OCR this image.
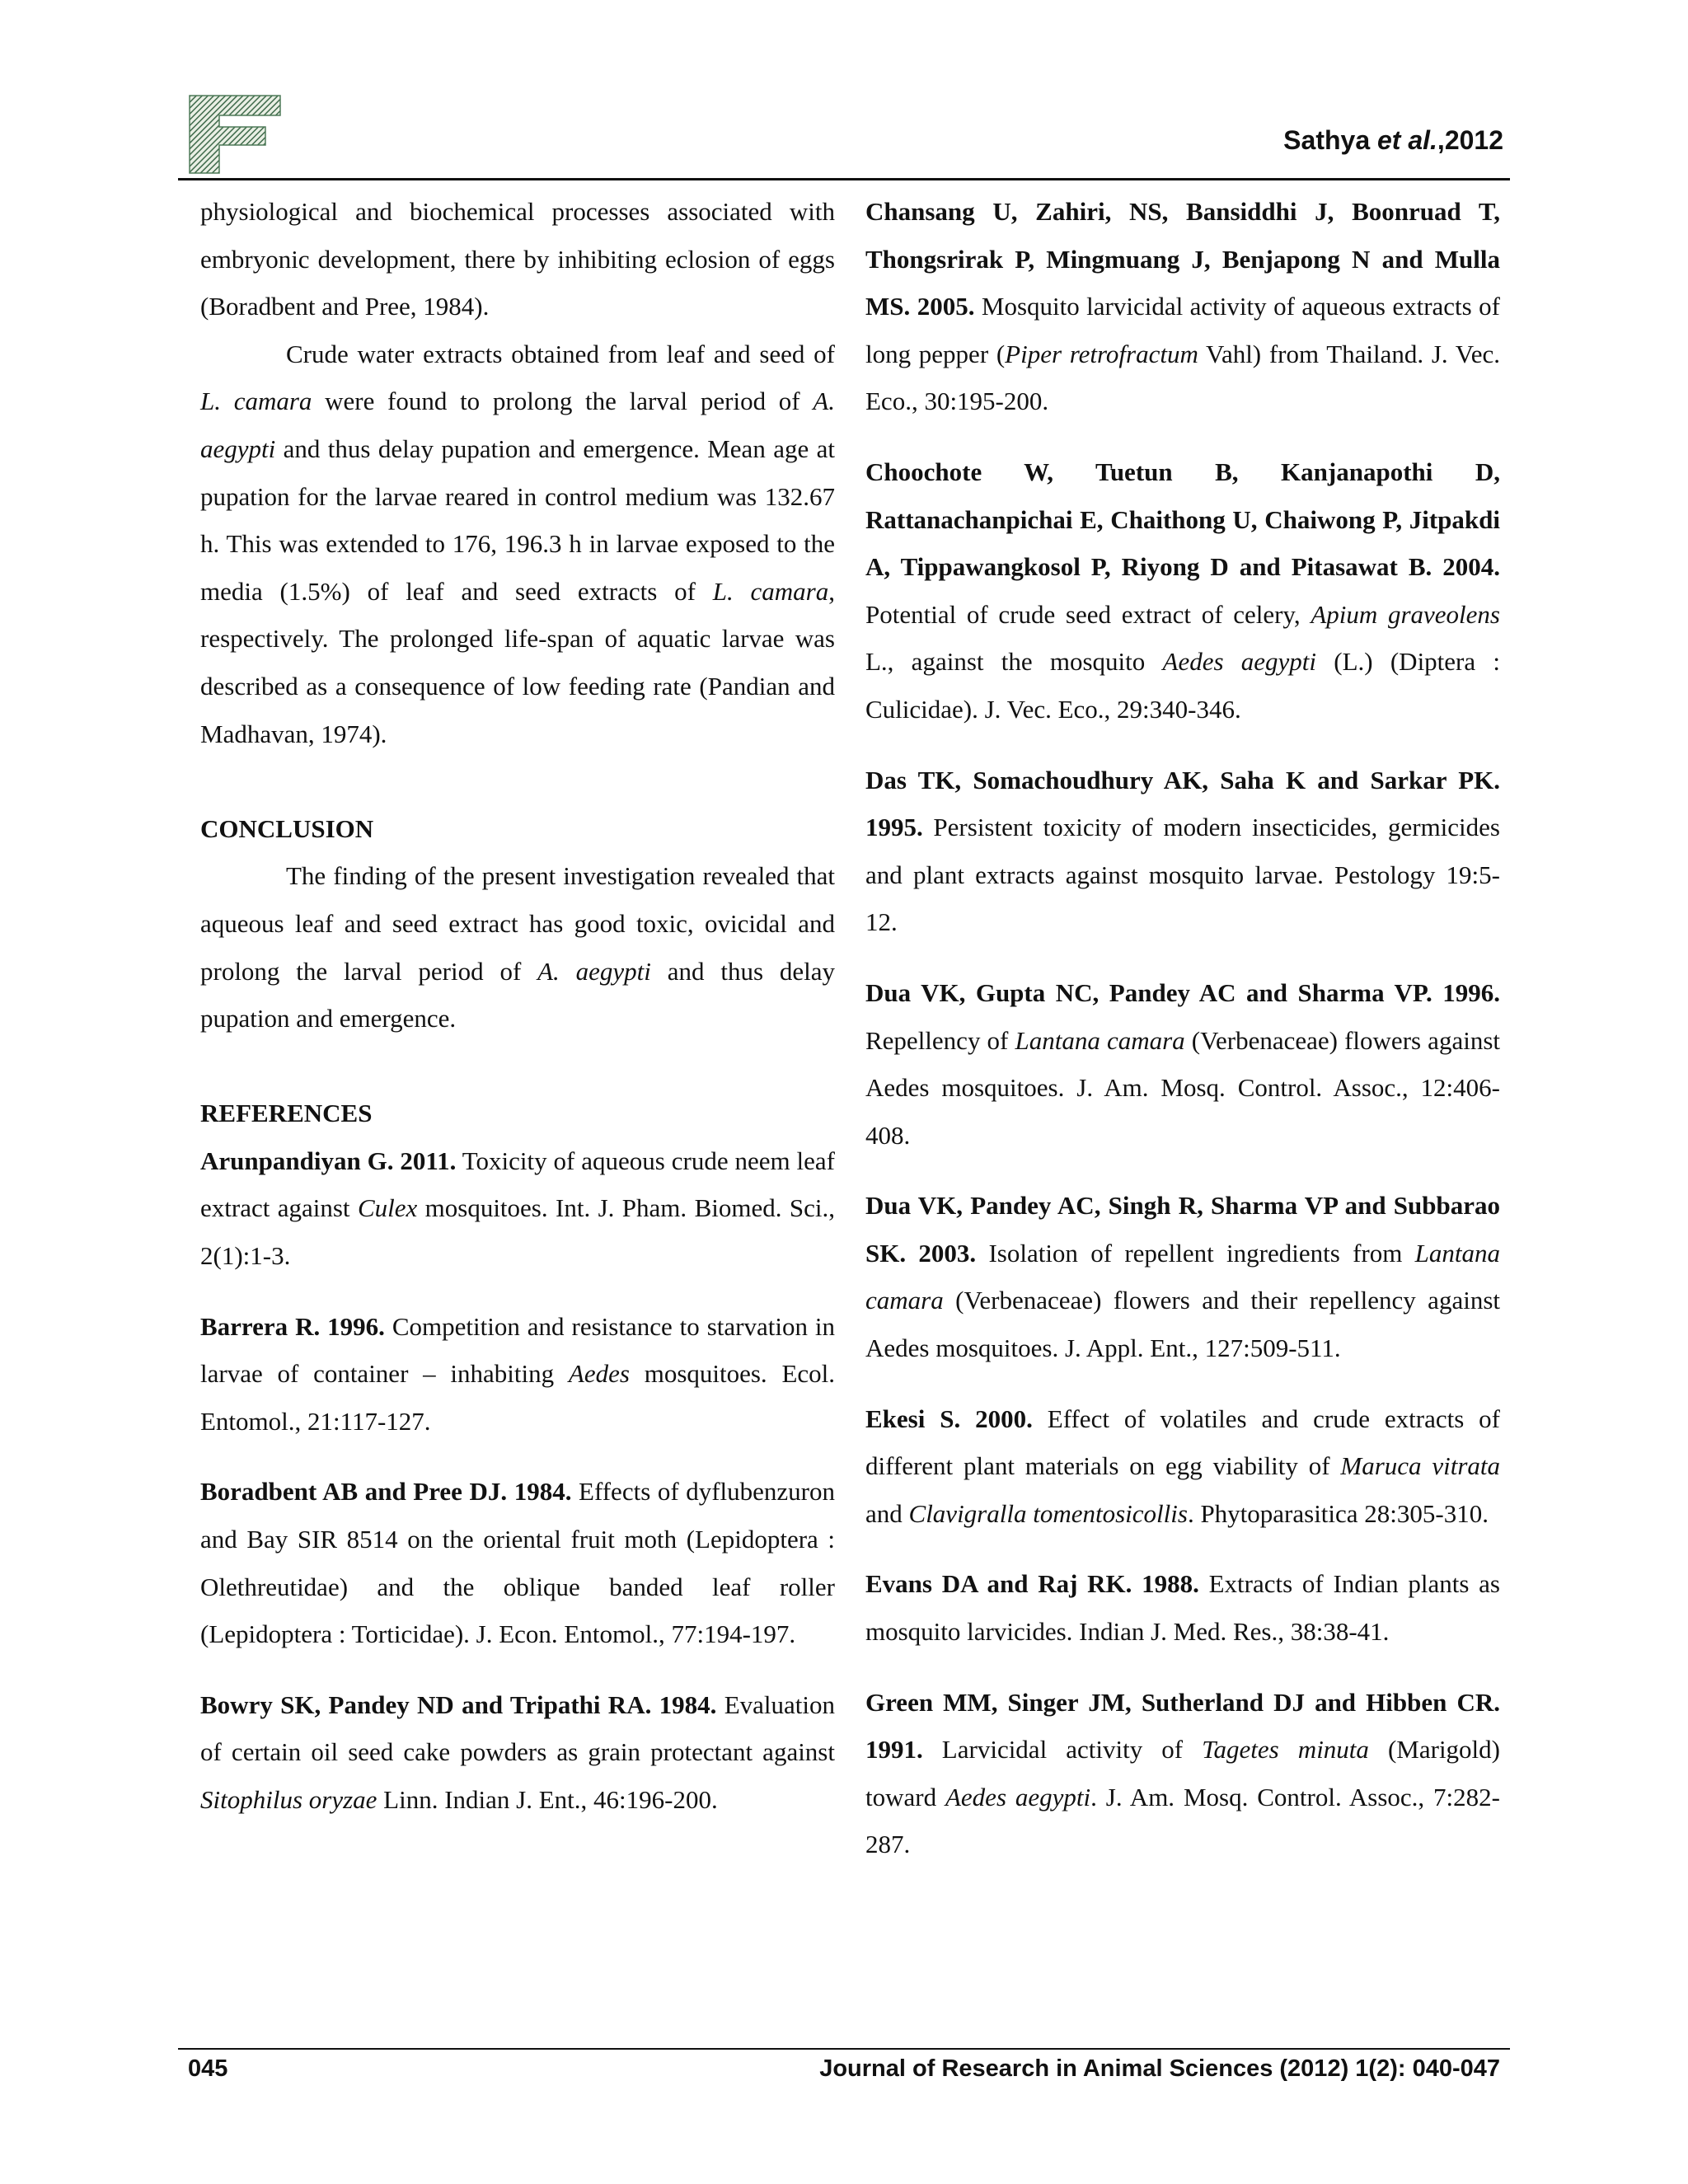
Sathya et al.,2012

physiological and biochemical processes associated with embryonic development, there by inhibiting eclosion of eggs (Boradbent and Pree, 1984).

Crude water extracts obtained from leaf and seed of L. camara were found to prolong the larval period of A. aegypti and thus delay pupation and emergence. Mean age at pupation for the larvae reared in control medium was 132.67 h. This was extended to 176, 196.3 h in larvae exposed to the media (1.5%) of leaf and seed extracts of L. camara, respectively. The prolonged life-span of aquatic larvae was described as a consequence of low feeding rate (Pandian and Madhavan, 1974).

CONCLUSION

The finding of the present investigation revealed that aqueous leaf and seed extract has good toxic, ovicidal and prolong the larval period of A. aegypti and thus delay pupation and emergence.

REFERENCES

Arunpandiyan G. 2011. Toxicity of aqueous crude neem leaf extract against Culex mosquitoes. Int. J. Pham. Biomed. Sci., 2(1):1-3.

Barrera R. 1996. Competition and resistance to starvation in larvae of container – inhabiting Aedes mosquitoes. Ecol. Entomol., 21:117-127.

Boradbent AB and Pree DJ. 1984. Effects of dyflubenzuron and Bay SIR 8514 on the oriental fruit moth (Lepidoptera : Olethreutidae) and the oblique banded leaf roller (Lepidoptera : Torticidae). J. Econ. Entomol., 77:194-197.

Bowry SK, Pandey ND and Tripathi RA. 1984. Evaluation of certain oil seed cake powders as grain protectant against Sitophilus oryzae Linn. Indian J. Ent., 46:196-200.

Chansang U, Zahiri, NS, Bansiddhi J, Boonruad T, Thongsrirak P, Mingmuang J, Benjapong N and Mulla MS. 2005. Mosquito larvicidal activity of aqueous extracts of long pepper (Piper retrofractum Vahl) from Thailand. J. Vec. Eco., 30:195-200.

Choochote W, Tuetun B, Kanjanapothi D, Rattanachanpichai E, Chaithong U, Chaiwong P, Jitpakdi A, Tippawangkosol P, Riyong D and Pitasawat B. 2004. Potential of crude seed extract of celery, Apium graveolens L., against the mosquito Aedes aegypti (L.) (Diptera : Culicidae). J. Vec. Eco., 29:340-346.

Das TK, Somachoudhury AK, Saha K and Sarkar PK. 1995. Persistent toxicity of modern insecticides, germicides and plant extracts against mosquito larvae. Pestology 19:5-12.

Dua VK, Gupta NC, Pandey AC and Sharma VP. 1996. Repellency of Lantana camara (Verbenaceae) flowers against Aedes mosquitoes. J. Am. Mosq. Control. Assoc., 12:406-408.

Dua VK, Pandey AC, Singh R, Sharma VP and Subbarao SK. 2003. Isolation of repellent ingredients from Lantana camara (Verbenaceae) flowers and their repellency against Aedes mosquitoes. J. Appl. Ent., 127:509-511.

Ekesi S. 2000. Effect of volatiles and crude extracts of different plant materials on egg viability of Maruca vitrata and Clavigralla tomentosicollis. Phytoparasitica 28:305-310.

Evans DA and Raj RK. 1988. Extracts of Indian plants as mosquito larvicides. Indian J. Med. Res., 38:38-41.

Green MM, Singer JM, Sutherland DJ and Hibben CR. 1991. Larvicidal activity of Tagetes minuta (Marigold) toward Aedes aegypti. J. Am. Mosq. Control. Assoc., 7:282-287.

045	Journal of Research in Animal Sciences (2012) 1(2): 040-047
